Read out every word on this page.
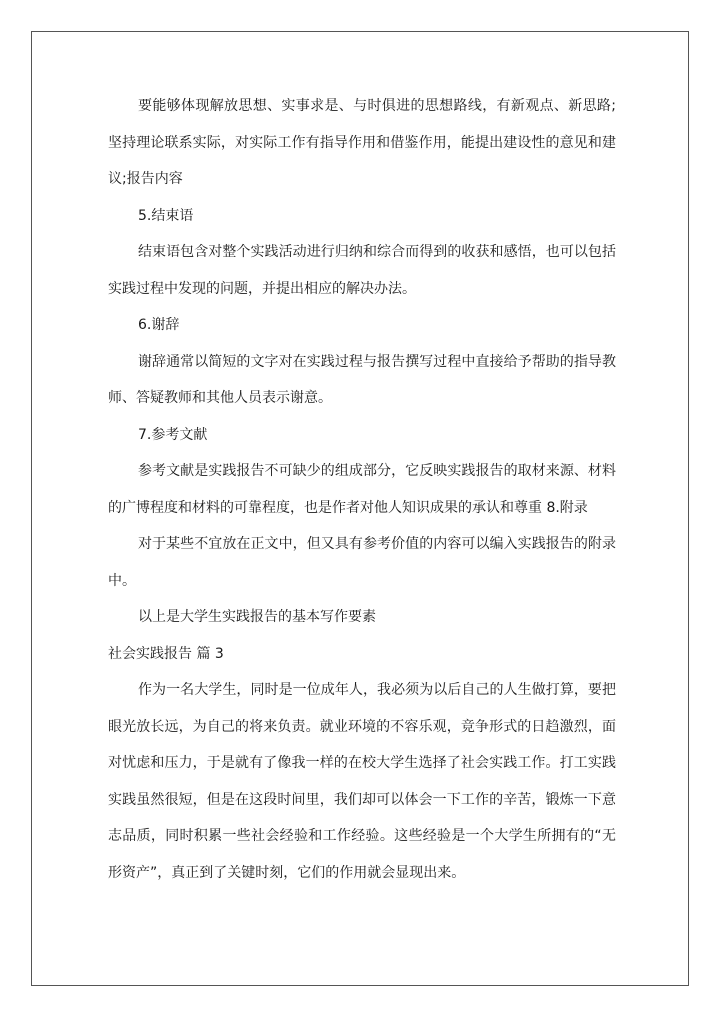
要能够体现解放思想、实事求是、与时俱进的思想路线，有新观点、新思路;坚持理论联系实际，对实际工作有指导作用和借鉴作用，能提出建设性的意见和建议;报告内容

5.结束语

结束语包含对整个实践活动进行归纳和综合而得到的收获和感悟，也可以包括实践过程中发现的问题，并提出相应的解决办法。

6.谢辞

谢辞通常以简短的文字对在实践过程与报告撰写过程中直接给予帮助的指导教师、答疑教师和其他人员表示谢意。

7.参考文献

参考文献是实践报告不可缺少的组成部分，它反映实践报告的取材来源、材料的广博程度和材料的可靠程度，也是作者对他人知识成果的承认和尊重 8.附录

对于某些不宜放在正文中，但又具有参考价值的内容可以编入实践报告的附录中。

以上是大学生实践报告的基本写作要素

社会实践报告 篇 3

作为一名大学生，同时是一位成年人，我必须为以后自己的人生做打算，要把眼光放长远，为自己的将来负责。就业环境的不容乐观，竞争形式的日趋激烈，面对忧虑和压力，于是就有了像我一样的在校大学生选择了社会实践工作。打工实践实践虽然很短，但是在这段时间里，我们却可以体会一下工作的辛苦，锻炼一下意志品质，同时积累一些社会经验和工作经验。这些经验是一个大学生所拥有的“无形资产”，真正到了关键时刻，它们的作用就会显现出来。
